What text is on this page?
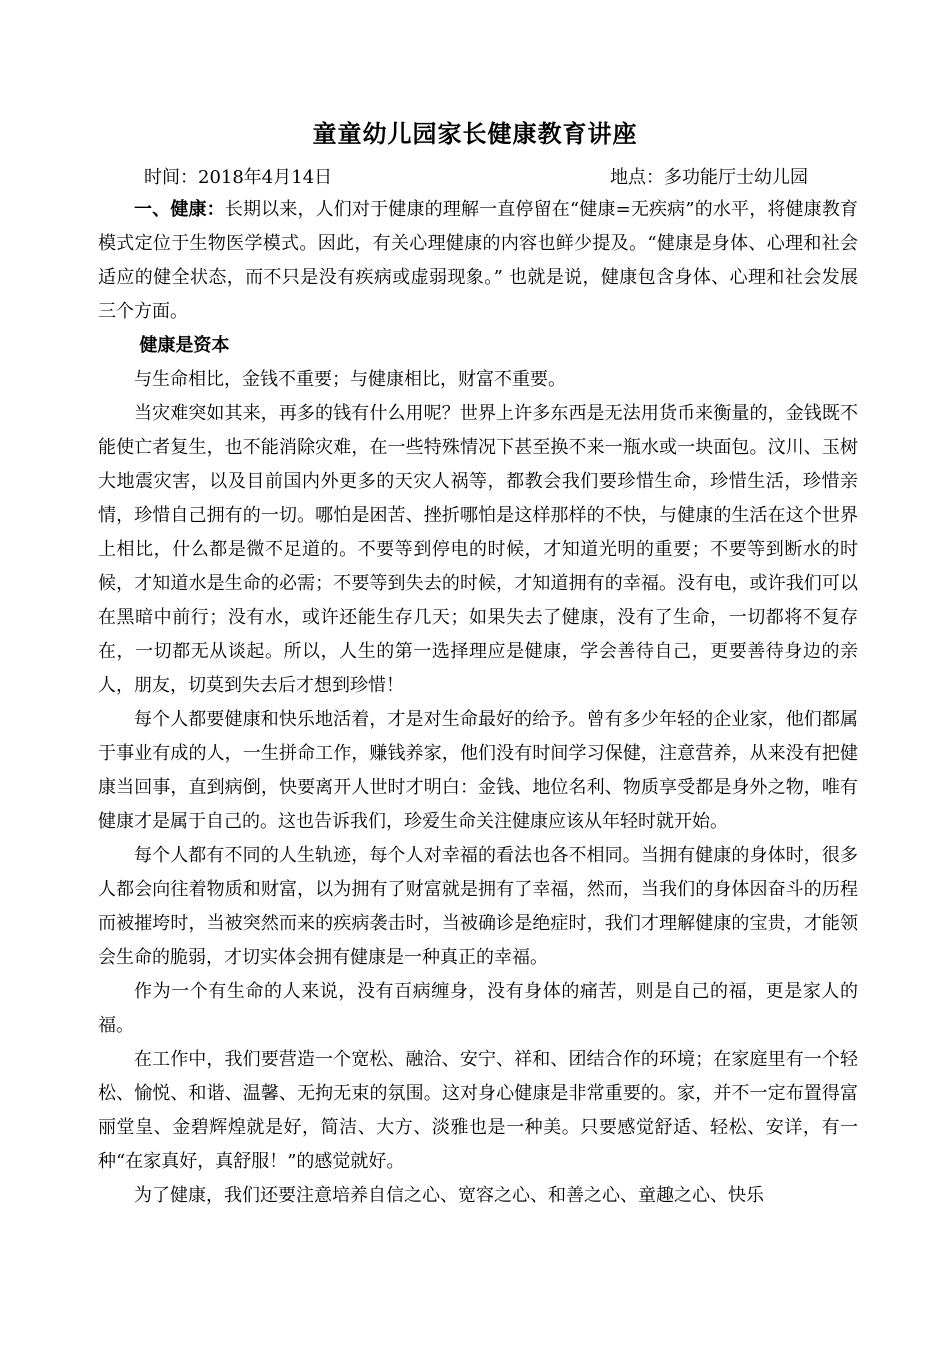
童童幼儿园家长健康教育讲座
时间：2018年4月14日	地点：多功能厅士幼儿园

一、健康：长期以来，人们对于健康的理解一直停留在“健康=无疾病”的水平，将健康教育模式定位于生物医学模式。因此，有关心理健康的内容也鲜少提及。“健康是身体、心理和社会适应的健全状态，而不只是没有疾病或虚弱现象。” 也就是说，健康包含身体、心理和社会发展三个方面。

健康是资本

与生命相比，金钱不重要；与健康相比，财富不重要。

当灾难突如其来，再多的钱有什么用呢？世界上许多东西是无法用货币来衡量的，金钱既不能使亡者复生，也不能消除灾难，在一些特殊情况下甚至换不来一瓶水或一块面包。汶川、玉树大地震灾害，以及目前国内外更多的天灾人祸等，都教会我们要珍惜生命，珍惜生活，珍惜亲情，珍惜自己拥有的一切。哪怕是困苦、挫折哪怕是这样那样的不快，与健康的生活在这个世界上相比，什么都是微不足道的。不要等到停电的时候，才知道光明的重要；不要等到断水的时候，才知道水是生命的必需；不要等到失去的时候，才知道拥有的幸福。没有电，或许我们可以在黑暗中前行；没有水，或许还能生存几天；如果失去了健康，没有了生命，一切都将不复存在，一切都无从谈起。所以，人生的第一选择理应是健康，学会善待自己，更要善待身边的亲人，朋友，切莫到失去后才想到珍惜！

每个人都要健康和快乐地活着，才是对生命最好的给予。曾有多少年轻的企业家，他们都属于事业有成的人，一生拼命工作，赚钱养家，他们没有时间学习保健，注意营养，从来没有把健康当回事，直到病倒，快要离开人世时才明白：金钱、地位名利、物质享受都是身外之物，唯有健康才是属于自己的。这也告诉我们，珍爱生命关注健康应该从年轻时就开始。

每个人都有不同的人生轨迹，每个人对幸福的看法也各不相同。当拥有健康的身体时，很多人都会向往着物质和财富，以为拥有了财富就是拥有了幸福，然而，当我们的身体因奋斗的历程而被摧垮时，当被突然而来的疾病袭击时，当被确诊是绝症时，我们才理解健康的宝贵，才能领会生命的脆弱，才切实体会拥有健康是一种真正的幸福。

作为一个有生命的人来说，没有百病缠身，没有身体的痛苦，则是自己的福，更是家人的福。

在工作中，我们要营造一个宽松、融洽、安宁、祥和、团结合作的环境；在家庭里有一个轻松、愉悦、和谐、温馨、无拘无束的氛围。这对身心健康是非常重要的。家，并不一定布置得富丽堂皇、金碧辉煌就是好，简洁、大方、淡雅也是一种美。只要感觉舒适、轻松、安详，有一种“在家真好，真舒服！”的感觉就好。

为了健康，我们还要注意培养自信之心、宽容之心、和善之心、童趣之心、快乐
